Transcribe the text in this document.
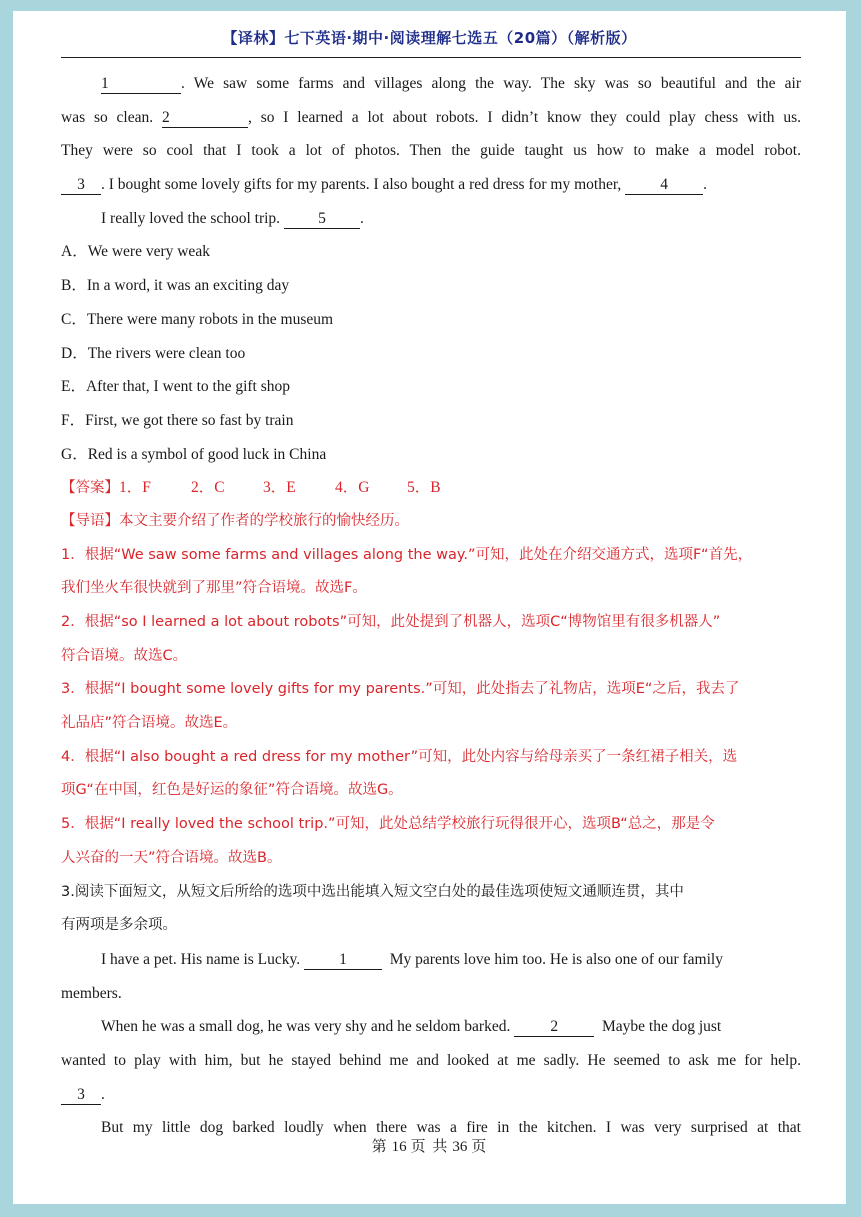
【译林】七下英语·期中·阅读理解七选五（20篇）（解析版）
1	. We saw some farms and villages along the way. The sky was so beautiful and the air
was so clean. 2	, so I learned a lot about robots. I didn’t know they could play chess with us.
They were so cool that I took a lot of photos. Then the guide taught us how to make a model robot.
3 . I bought some lovely gifts for my parents. I also bought a red dress for my mother,	4 .
I really loved the school trip. 5 .
A．We were very weak
B．In a word, it was an exciting day
C．There were many robots in the museum
D．The rivers were clean too
E．After that, I went to the gift shop
F．First, we got there so fast by train
G．Red is a symbol of good luck in China
【答案】1．F	2．C 3．E	4．G 5．B
【导语】本文主要介绍了作者的学校旅行的愉快经历。
1．根据“We saw some farms and villages along the way.”可知，此处在介绍交通方式，选项F“首先，
我们坐火车很快就到了那里”符合语境。故选F。
2．根据“so I learned a lot about robots”可知，此处提到了机器人，选项C“博物馆里有很多机器人”
符合语境。故选C。
3．根据“I bought some lovely gifts for my parents.”可知，此处指去了礼物店，选项E“之后，我去了
礼品店”符合语境。故选E。
4．根据“I also bought a red dress for my mother”可知，此处内容与给母亲买了一条红裙子相关，选
项G“在中国，红色是好运的象征”符合语境。故选G。
5．根据“I really loved the school trip.”可知，此处总结学校旅行玩得很开心，选项B“总之，那是令
人兴奋的一天”符合语境。故选B。
3.阅读下面短文，从短文后所给的选项中选出能填入短文空白处的最佳选项使短文通顺连贯，其中
有两项是多余项。
I have a pet. His name is Lucky.	1	My parents love him too. He is also one of our family
members.
When he was a small dog, he was very shy and he seldom barked.	2	Maybe the dog just
wanted to play with him, but he stayed behind me and looked at me sadly. He seemed to ask me for help.
3 .
But my little dog barked loudly when there was a fire in the kitchen. I was very surprised at that
第 16 页 共 36 页
